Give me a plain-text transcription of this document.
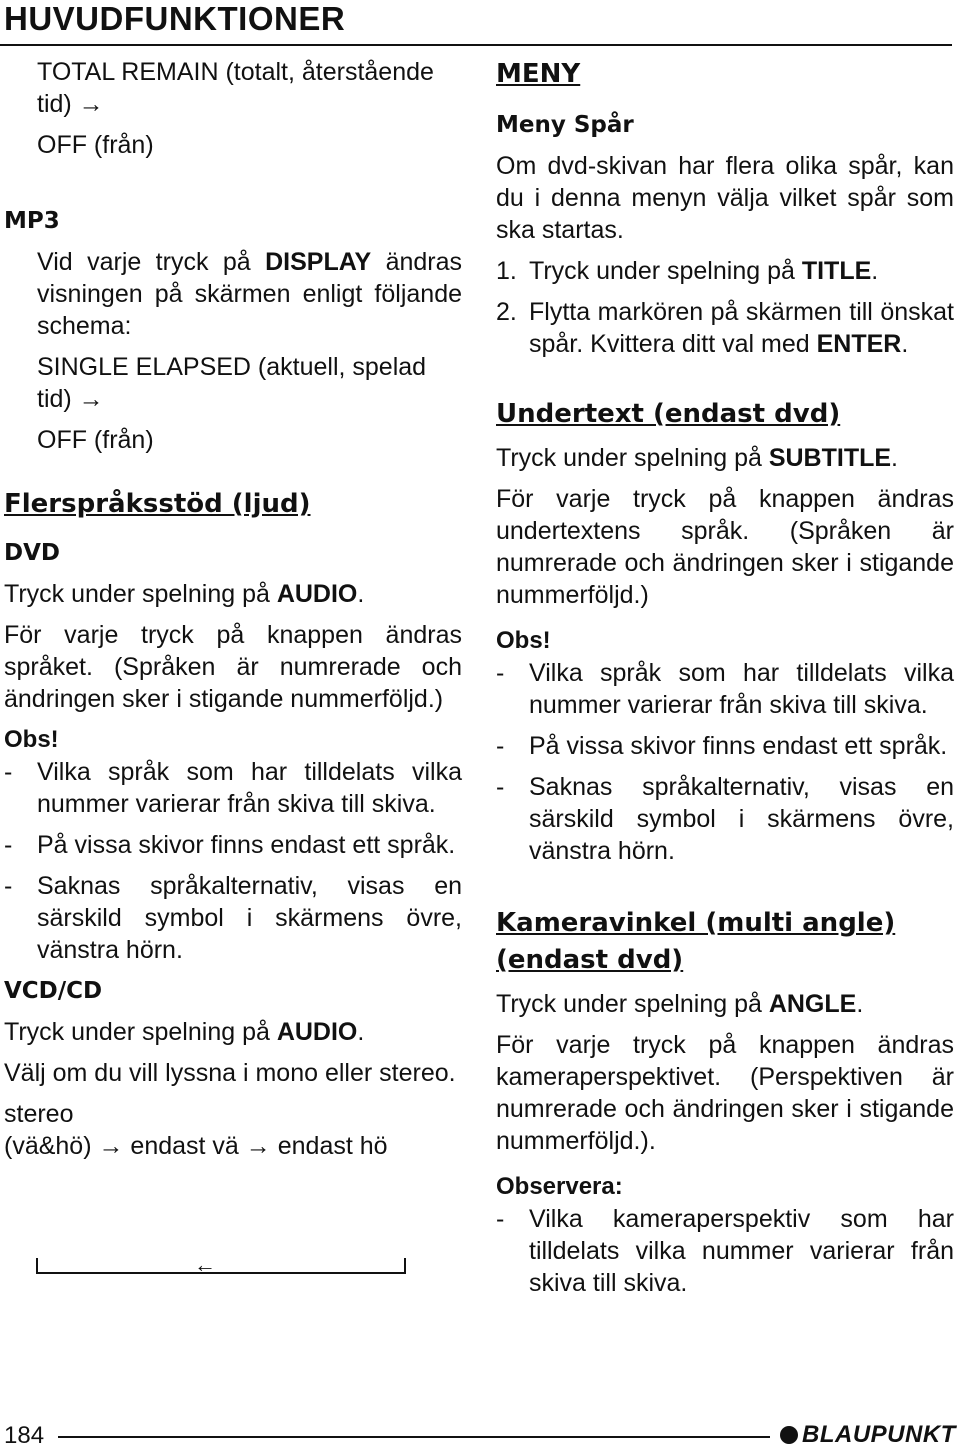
HUVUDFUNKTIONER

TOTAL REMAIN (totalt, återstående

tid) →

OFF (från)

MP3

Vid varje tryck på DISPLAY ändras visningen på skärmen enligt följande schema:

SINGLE ELAPSED (aktuell, spelad

tid) →

OFF (från)

Flerspråksstöd (ljud)

DVD

Tryck under spelning på AUDIO.

För varje tryck på knappen ändras språket. (Språken är numrerade och ändringen sker i stigande nummerföljd.)

Obs!

- Vilka språk som har tilldelats vilka nummer varierar från skiva till skiva.
- På vissa skivor finns endast ett språk.
- Saknas språkalternativ, visas en särskild symbol i skärmens övre, vänstra hörn.

VCD/CD

Tryck under spelning på AUDIO.

Välj om du vill lyssna i mono eller stereo.

stereo

(vä&hö) → endast vä → endast hö

←

MENY

Meny Spår

Om dvd-skivan har flera olika spår, kan du i denna menyn välja vilket spår som ska startas.

1. Tryck under spelning på TITLE.
2. Flytta markören på skärmen till önskat spår. Kvittera ditt val med ENTER.

Undertext (endast dvd)

Tryck under spelning på SUBTITLE.

För varje tryck på knappen ändras undertextens språk. (Språken är numrerade och ändringen sker i stigande nummerföljd.)

Obs!

- Vilka språk som har tilldelats vilka nummer varierar från skiva till skiva.
- På vissa skivor finns endast ett språk.
- Saknas språkalternativ, visas en särskild symbol i skärmens övre, vänstra hörn.

Kameravinkel (multi angle)

(endast dvd)

Tryck under spelning på ANGLE.

För varje tryck på knappen ändras kameraperspektivet. (Perspektiven är numrerade och ändringen sker i stigande nummerföljd.).

Observera:

- Vilka kameraperspektiv som har tilldelats vilka nummer varierar från skiva till skiva.
184	BLAUPUNKT
